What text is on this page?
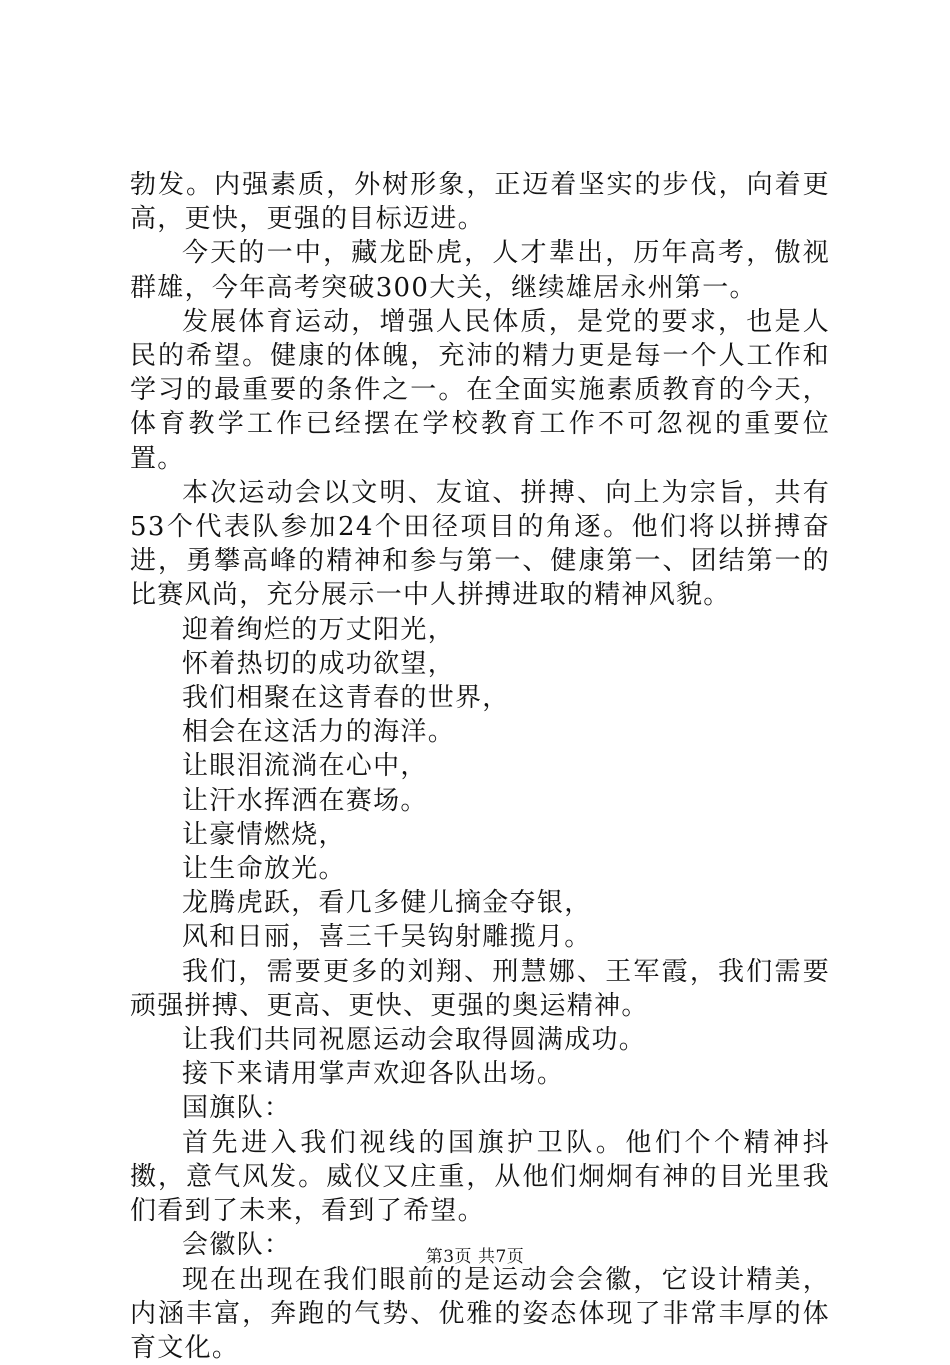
勃发。内强素质，外树形象，正迈着坚实的步伐，向着更高，更快，更强的目标迈进。

今天的一中，藏龙卧虎，人才辈出，历年高考，傲视群雄，今年高考突破300大关，继续雄居永州第一。

发展体育运动，增强人民体质，是党的要求，也是人民的希望。健康的体魄，充沛的精力更是每一个人工作和学习的最重要的条件之一。在全面实施素质教育的今天，体育教学工作已经摆在学校教育工作不可忽视的重要位置。

本次运动会以文明、友谊、拼搏、向上为宗旨，共有53个代表队参加24个田径项目的角逐。他们将以拼搏奋进，勇攀高峰的精神和参与第一、健康第一、团结第一的比赛风尚，充分展示一中人拼搏进取的精神风貌。

迎着绚烂的万丈阳光，

怀着热切的成功欲望，

我们相聚在这青春的世界，

相会在这活力的海洋。

让眼泪流淌在心中，

让汗水挥洒在赛场。

让豪情燃烧，

让生命放光。

龙腾虎跃，看几多健儿摘金夺银，

风和日丽，喜三千吴钩射雕揽月。

我们，需要更多的刘翔、刑慧娜、王军霞，我们需要顽强拼搏、更高、更快、更强的奥运精神。

让我们共同祝愿运动会取得圆满成功。

接下来请用掌声欢迎各队出场。

国旗队：

首先进入我们视线的国旗护卫队。他们个个精神抖擞，意气风发。威仪又庄重，从他们炯炯有神的目光里我们看到了未来，看到了希望。

会徽队：

现在出现在我们眼前的是运动会会徽，它设计精美，内涵丰富，奔跑的气势、优雅的姿态体现了非常丰厚的体育文化。

第3页 共7页
